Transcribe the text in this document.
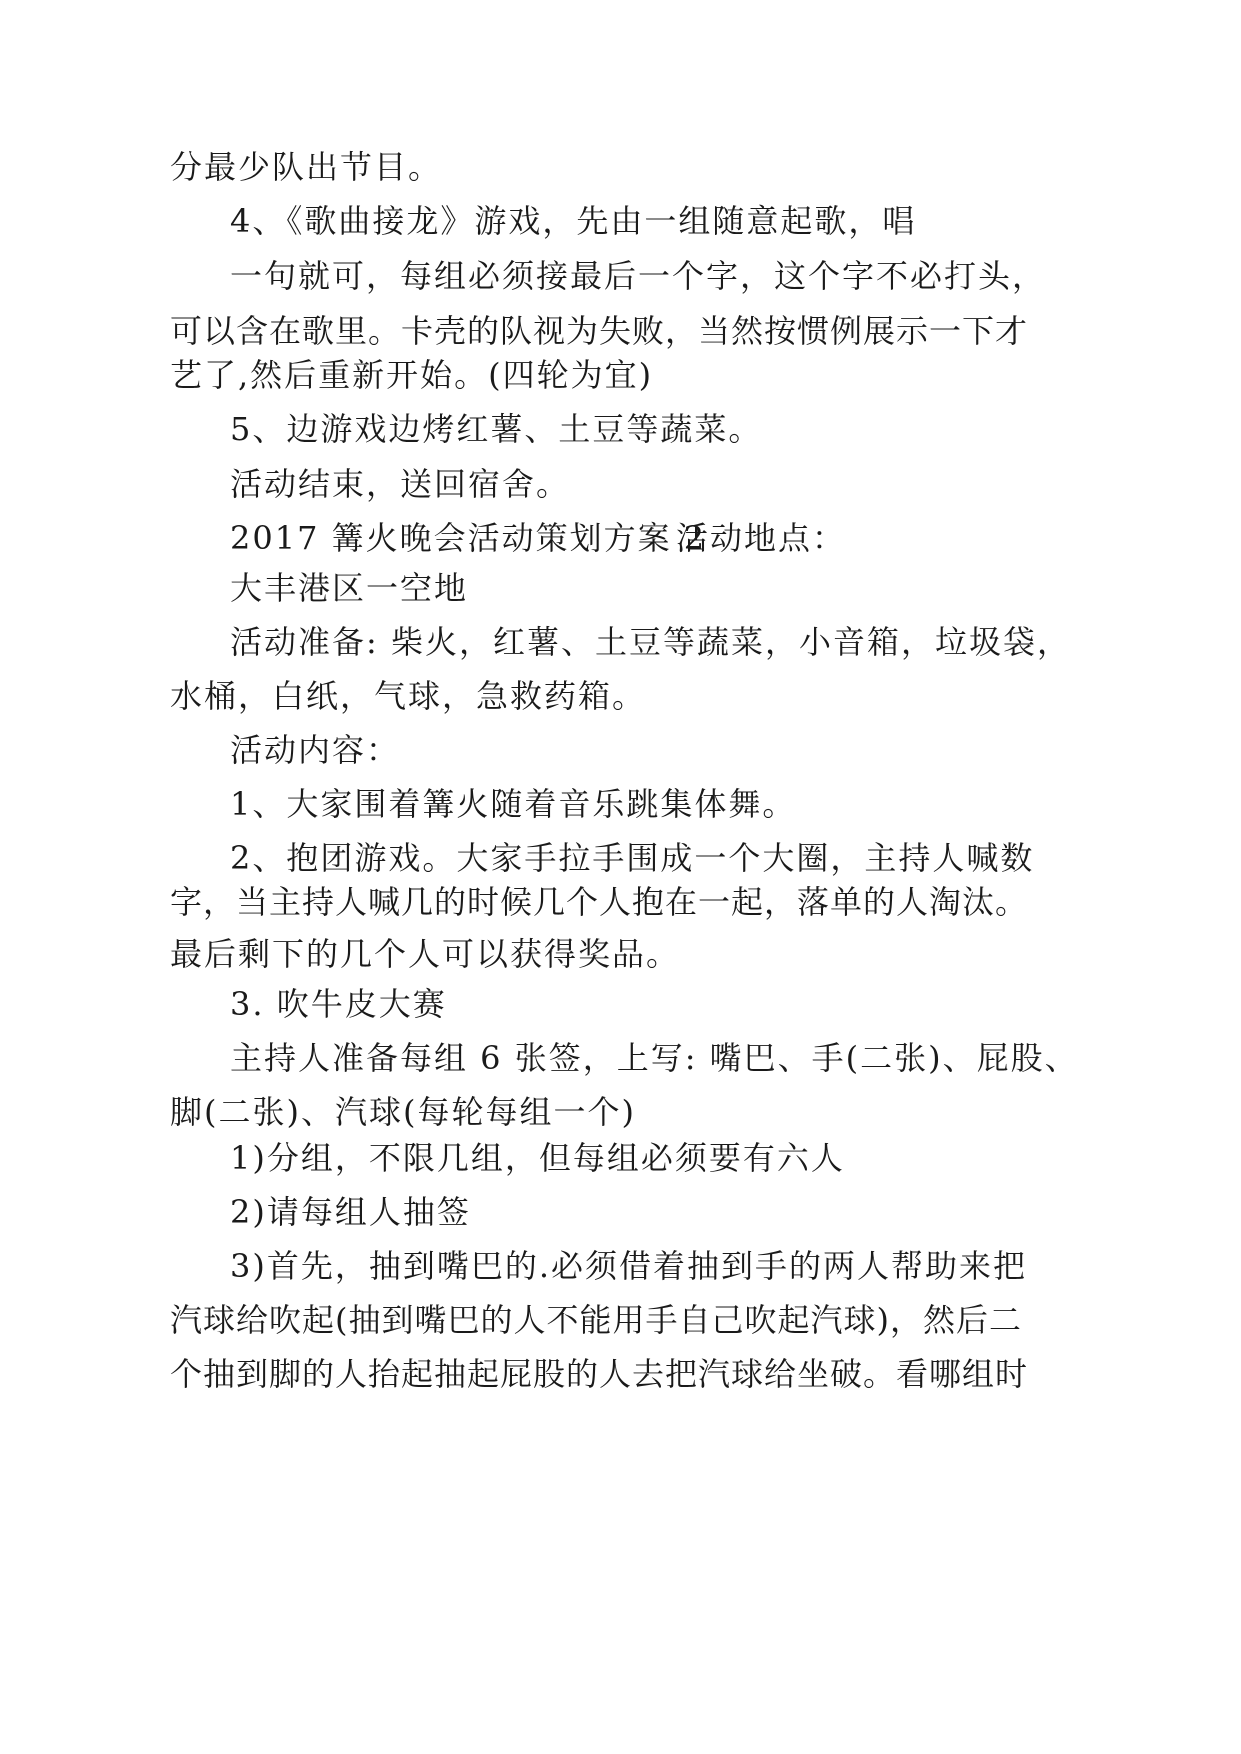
分最少队出节目。
4、《歌曲接龙》游戏，先由一组随意起歌，唱
一句就可，每组必须接最后一个字，这个字不必打头，
可以含在歌里。卡壳的队视为失败，当然按惯例展示一下才
艺了,然后重新开始。(四轮为宜)
5、边游戏边烤红薯、土豆等蔬菜。
活动结束，送回宿舍。
2017 篝火晚会活动策划方案 2
活动地点：
大丰港区一空地
活动准备: 柴火，红薯、土豆等蔬菜，小音箱，垃圾袋，
水桶，白纸，气球，急救药箱。
活动内容：
1、大家围着篝火随着音乐跳集体舞。
2、抱团游戏。大家手拉手围成一个大圈，主持人喊数
字，当主持人喊几的时候几个人抱在一起，落单的人淘汰。
最后剩下的几个人可以获得奖品。
3. 吹牛皮大赛
主持人准备每组 6 张签，上写: 嘴巴、手(二张)、屁股、
脚(二张)、汽球(每轮每组一个)
1)分组，不限几组，但每组必须要有六人
2)请每组人抽签
3)首先，抽到嘴巴的.必须借着抽到手的两人帮助来把
汽球给吹起(抽到嘴巴的人不能用手自己吹起汽球)，然后二
个抽到脚的人抬起抽起屁股的人去把汽球给坐破。看哪组时
